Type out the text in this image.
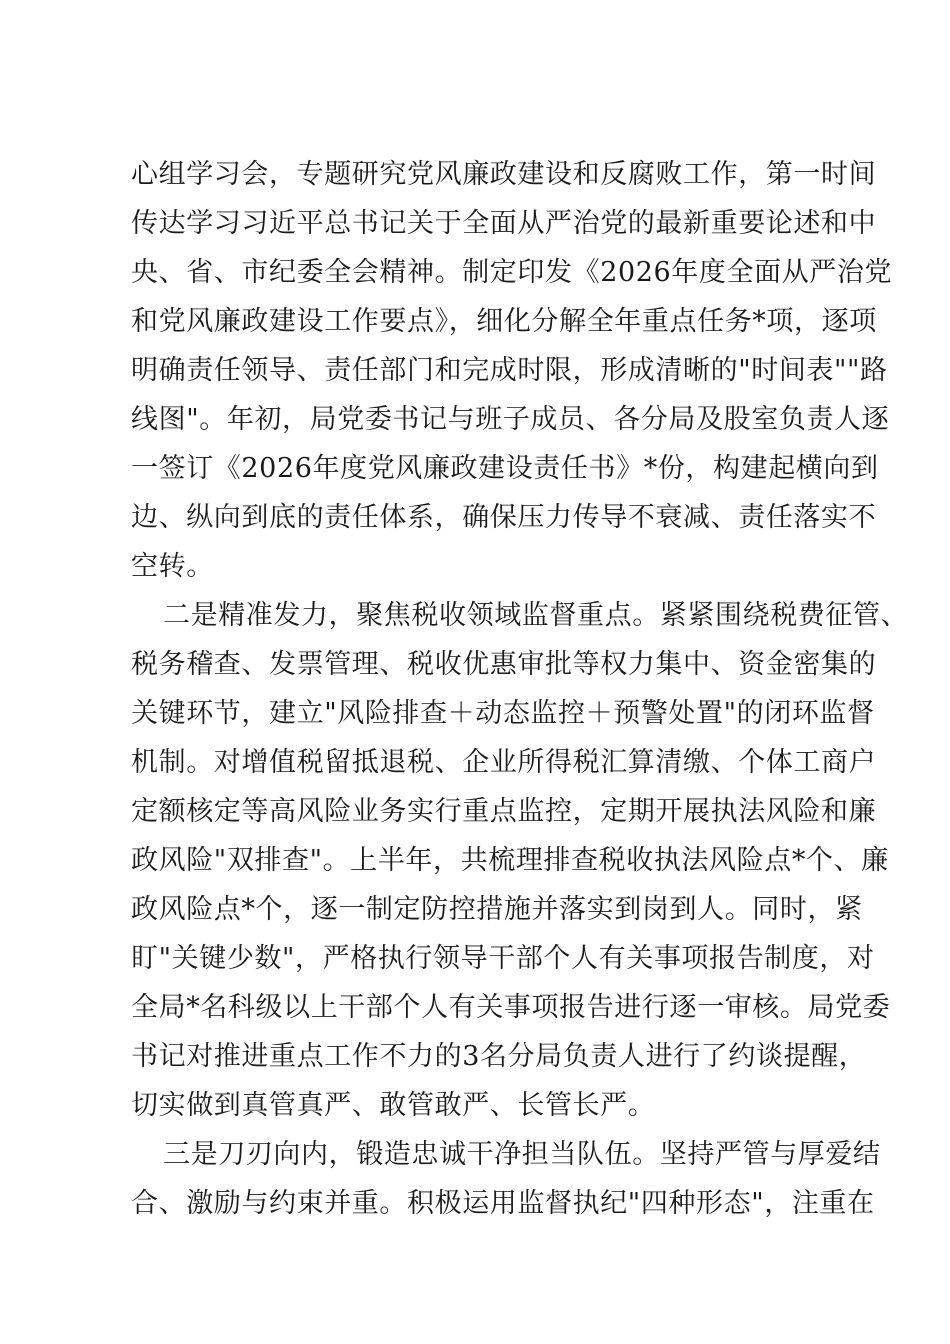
心组学习会，专题研究党风廉政建设和反腐败工作，第一时间
传达学习习近平总书记关于全面从严治党的最新重要论述和中
央、省、市纪委全会精神。制定印发《2026年度全面从严治党
和党风廉政建设工作要点》，细化分解全年重点任务*项，逐项
明确责任领导、责任部门和完成时限，形成清晰的"时间表""路
线图"。年初，局党委书记与班子成员、各分局及股室负责人逐
一签订《2026年度党风廉政建设责任书》*份，构建起横向到
边、纵向到底的责任体系，确保压力传导不衰减、责任落实不
空转。
二是精准发力，聚焦税收领域监督重点。紧紧围绕税费征管、
税务稽查、发票管理、税收优惠审批等权力集中、资金密集的
关键环节，建立"风险排查＋动态监控＋预警处置"的闭环监督
机制。对增值税留抵退税、企业所得税汇算清缴、个体工商户
定额核定等高风险业务实行重点监控，定期开展执法风险和廉
政风险"双排查"。上半年，共梳理排查税收执法风险点*个、廉
政风险点*个，逐一制定防控措施并落实到岗到人。同时，紧
盯"关键少数"，严格执行领导干部个人有关事项报告制度，对
全局*名科级以上干部个人有关事项报告进行逐一审核。局党委
书记对推进重点工作不力的3名分局负责人进行了约谈提醒，
切实做到真管真严、敢管敢严、长管长严。
三是刀刃向内，锻造忠诚干净担当队伍。坚持严管与厚爱结
合、激励与约束并重。积极运用监督执纪"四种形态"，注重在
